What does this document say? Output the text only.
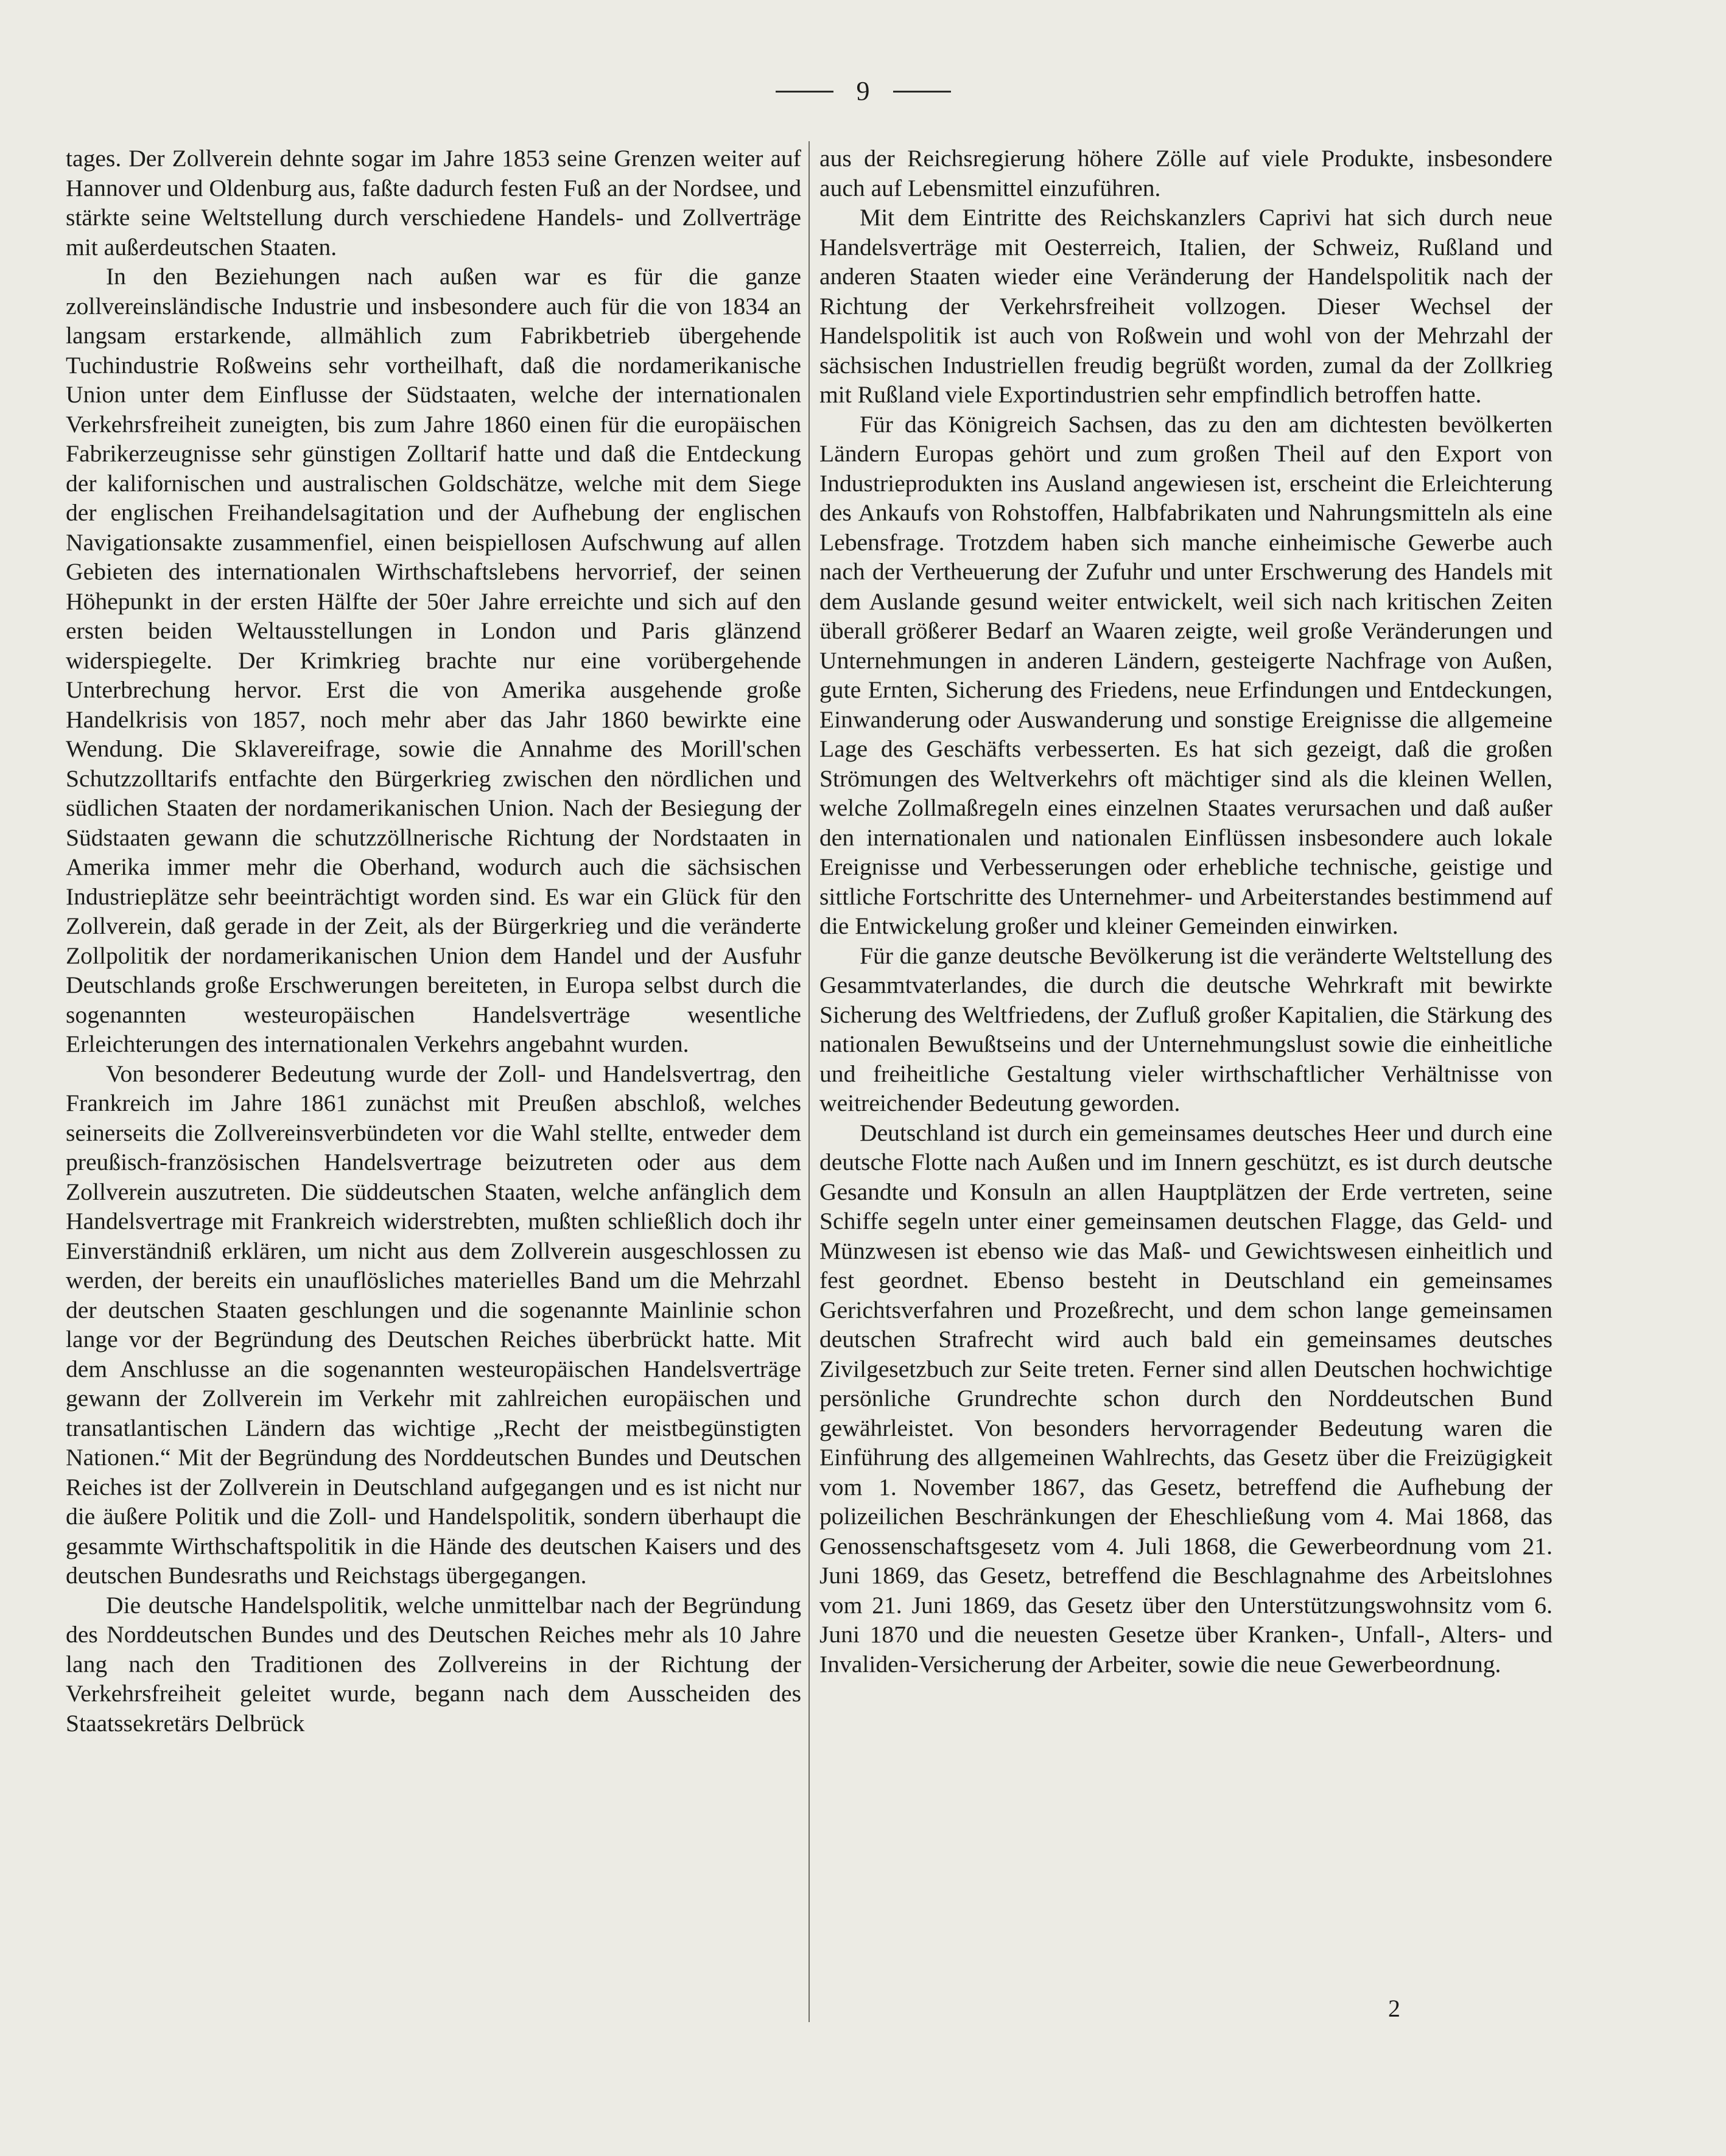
9

tages. Der Zollverein dehnte sogar im Jahre 1853 seine Grenzen weiter auf Hannover und Oldenburg aus, faßte dadurch festen Fuß an der Nordsee, und stärkte seine Weltstellung durch verschiedene Handels- und Zollverträge mit außerdeutschen Staaten.

In den Beziehungen nach außen war es für die ganze zollvereinsländische Industrie und insbesondere auch für die von 1834 an langsam erstarkende, allmählich zum Fabrikbetrieb übergehende Tuchindustrie Roßweins sehr vortheilhaft, daß die nordamerikanische Union unter dem Einflusse der Südstaaten, welche der internationalen Verkehrsfreiheit zuneigten, bis zum Jahre 1860 einen für die europäischen Fabrikerzeugnisse sehr günstigen Zolltarif hatte und daß die Entdeckung der kalifornischen und australischen Goldschätze, welche mit dem Siege der englischen Freihandelsagitation und der Aufhebung der englischen Navigationsakte zusammenfiel, einen beispiellosen Aufschwung auf allen Gebieten des internationalen Wirthschaftslebens hervorrief, der seinen Höhepunkt in der ersten Hälfte der 50er Jahre erreichte und sich auf den ersten beiden Weltausstellungen in London und Paris glänzend widerspiegelte. Der Krimkrieg brachte nur eine vorübergehende Unterbrechung hervor. Erst die von Amerika ausgehende große Handelkrisis von 1857, noch mehr aber das Jahr 1860 bewirkte eine Wendung. Die Sklavereifrage, sowie die Annahme des Morill'schen Schutzzolltarifs entfachte den Bürgerkrieg zwischen den nördlichen und südlichen Staaten der nordamerikanischen Union. Nach der Besiegung der Südstaaten gewann die schutzzöllnerische Richtung der Nordstaaten in Amerika immer mehr die Oberhand, wodurch auch die sächsischen Industrieplätze sehr beeinträchtigt worden sind. Es war ein Glück für den Zollverein, daß gerade in der Zeit, als der Bürgerkrieg und die veränderte Zollpolitik der nordamerikanischen Union dem Handel und der Ausfuhr Deutschlands große Erschwerungen bereiteten, in Europa selbst durch die sogenannten westeuropäischen Handelsverträge wesentliche Erleichterungen des internationalen Verkehrs angebahnt wurden.

Von besonderer Bedeutung wurde der Zoll- und Handelsvertrag, den Frankreich im Jahre 1861 zunächst mit Preußen abschloß, welches seinerseits die Zollvereinsverbündeten vor die Wahl stellte, entweder dem preußisch-französischen Handelsvertrage beizutreten oder aus dem Zollverein auszutreten. Die süddeutschen Staaten, welche anfänglich dem Handelsvertrage mit Frankreich widerstrebten, mußten schließlich doch ihr Einverständniß erklären, um nicht aus dem Zollverein ausgeschlossen zu werden, der bereits ein unauflösliches materielles Band um die Mehrzahl der deutschen Staaten geschlungen und die sogenannte Mainlinie schon lange vor der Begründung des Deutschen Reiches überbrückt hatte. Mit dem Anschlusse an die sogenannten westeuropäischen Handelsverträge gewann der Zollverein im Verkehr mit zahlreichen europäischen und transatlantischen Ländern das wichtige „Recht der meistbegünstigten Nationen.“ Mit der Begründung des Norddeutschen Bundes und Deutschen Reiches ist der Zollverein in Deutschland aufgegangen und es ist nicht nur die äußere Politik und die Zoll- und Handelspolitik, sondern überhaupt die gesammte Wirthschaftspolitik in die Hände des deutschen Kaisers und des deutschen Bundesraths und Reichstags übergegangen.

Die deutsche Handelspolitik, welche unmittelbar nach der Begründung des Norddeutschen Bundes und des Deutschen Reiches mehr als 10 Jahre lang nach den Traditionen des Zollvereins in der Richtung der Verkehrsfreiheit geleitet wurde, begann nach dem Ausscheiden des Staatssekretärs Delbrück

aus der Reichsregierung höhere Zölle auf viele Produkte, insbesondere auch auf Lebensmittel einzuführen.

Mit dem Eintritte des Reichskanzlers Caprivi hat sich durch neue Handelsverträge mit Oesterreich, Italien, der Schweiz, Rußland und anderen Staaten wieder eine Veränderung der Handelspolitik nach der Richtung der Verkehrsfreiheit vollzogen. Dieser Wechsel der Handelspolitik ist auch von Roßwein und wohl von der Mehrzahl der sächsischen Industriellen freudig begrüßt worden, zumal da der Zollkrieg mit Rußland viele Exportindustrien sehr empfindlich betroffen hatte.

Für das Königreich Sachsen, das zu den am dichtesten bevölkerten Ländern Europas gehört und zum großen Theil auf den Export von Industrieprodukten ins Ausland angewiesen ist, erscheint die Erleichterung des Ankaufs von Rohstoffen, Halbfabrikaten und Nahrungsmitteln als eine Lebensfrage. Trotzdem haben sich manche einheimische Gewerbe auch nach der Vertheuerung der Zufuhr und unter Erschwerung des Handels mit dem Auslande gesund weiter entwickelt, weil sich nach kritischen Zeiten überall größerer Bedarf an Waaren zeigte, weil große Veränderungen und Unternehmungen in anderen Ländern, gesteigerte Nachfrage von Außen, gute Ernten, Sicherung des Friedens, neue Erfindungen und Entdeckungen, Einwanderung oder Auswanderung und sonstige Ereignisse die allgemeine Lage des Geschäfts verbesserten. Es hat sich gezeigt, daß die großen Strömungen des Weltverkehrs oft mächtiger sind als die kleinen Wellen, welche Zollmaßregeln eines einzelnen Staates verursachen und daß außer den internationalen und nationalen Einflüssen insbesondere auch lokale Ereignisse und Verbesserungen oder erhebliche technische, geistige und sittliche Fortschritte des Unternehmer- und Arbeiterstandes bestimmend auf die Entwickelung großer und kleiner Gemeinden einwirken.

Für die ganze deutsche Bevölkerung ist die veränderte Weltstellung des Gesammtvaterlandes, die durch die deutsche Wehrkraft mit bewirkte Sicherung des Weltfriedens, der Zufluß großer Kapitalien, die Stärkung des nationalen Bewußtseins und der Unternehmungslust sowie die einheitliche und freiheitliche Gestaltung vieler wirthschaftlicher Verhältnisse von weitreichender Bedeutung geworden.

Deutschland ist durch ein gemeinsames deutsches Heer und durch eine deutsche Flotte nach Außen und im Innern geschützt, es ist durch deutsche Gesandte und Konsuln an allen Hauptplätzen der Erde vertreten, seine Schiffe segeln unter einer gemeinsamen deutschen Flagge, das Geld- und Münzwesen ist ebenso wie das Maß- und Gewichtswesen einheitlich und fest geordnet. Ebenso besteht in Deutschland ein gemeinsames Gerichtsverfahren und Prozeßrecht, und dem schon lange gemeinsamen deutschen Strafrecht wird auch bald ein gemeinsames deutsches Zivilgesetzbuch zur Seite treten. Ferner sind allen Deutschen hochwichtige persönliche Grundrechte schon durch den Norddeutschen Bund gewährleistet. Von besonders hervorragender Bedeutung waren die Einführung des allgemeinen Wahlrechts, das Gesetz über die Freizügigkeit vom 1. November 1867, das Gesetz, betreffend die Aufhebung der polizeilichen Beschränkungen der Eheschließung vom 4. Mai 1868, das Genossenschaftsgesetz vom 4. Juli 1868, die Gewerbeordnung vom 21. Juni 1869, das Gesetz, betreffend die Beschlagnahme des Arbeitslohnes vom 21. Juni 1869, das Gesetz über den Unterstützungswohnsitz vom 6. Juni 1870 und die neuesten Gesetze über Kranken-, Unfall-, Alters- und Invaliden-Versicherung der Arbeiter, sowie die neue Gewerbeordnung.

2
